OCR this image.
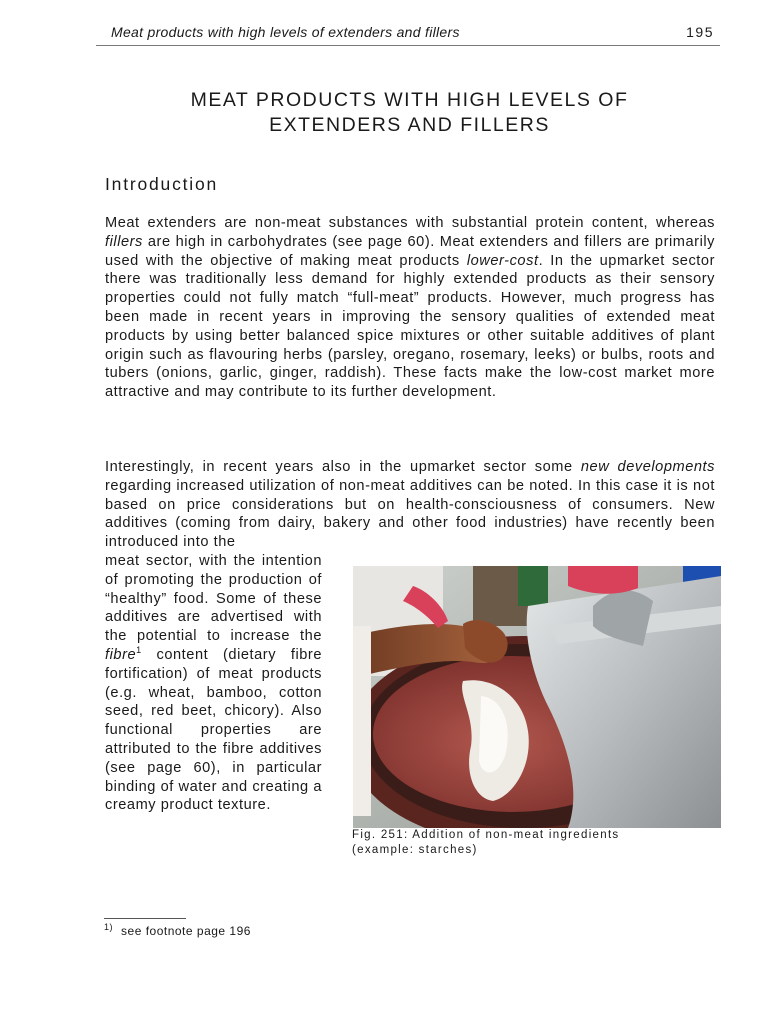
Meat products with high levels of extenders and fillers	195
MEAT PRODUCTS WITH HIGH LEVELS OF
EXTENDERS AND FILLERS
Introduction

Meat extenders are non-meat substances with substantial protein content, whereas fillers are high in carbohydrates (see page 60). Meat extenders and fillers are primarily used with the objective of making meat products lower-cost. In the upmarket sector there was traditionally less demand for highly extended products as their sensory properties could not fully match “full-meat” products. However, much progress has been made in recent years in improving the sensory qualities of extended meat products by using better balanced spice mixtures or other suitable additives of plant origin such as flavouring herbs (parsley, oregano, rosemary, leeks) or bulbs, roots and tubers (onions, garlic, ginger, raddish). These facts make the low-cost market more attractive and may contribute to its further development.

Interestingly, in recent years also in the upmarket sector some new developments regarding increased utilization of non-meat additives can be noted. In this case it is not based on price considerations but on health-consciousness of consumers. New additives (coming from dairy, bakery and other food industries) have recently been introduced into the

meat sector, with the intention of promoting the production of “healthy” food. Some of these additives are advertised with the potential to increase the fibre$^1$ content (dietary fibre fortification) of meat products (e.g. wheat, bamboo, cotton seed, red beet, chicory). Also functional properties are attributed to the fibre additives (see page 60), in particular binding of water and creating a creamy product texture.

Fig. 251: Addition of non-meat ingredients
(example: starches)
$^{1)}$ see footnote page 196
